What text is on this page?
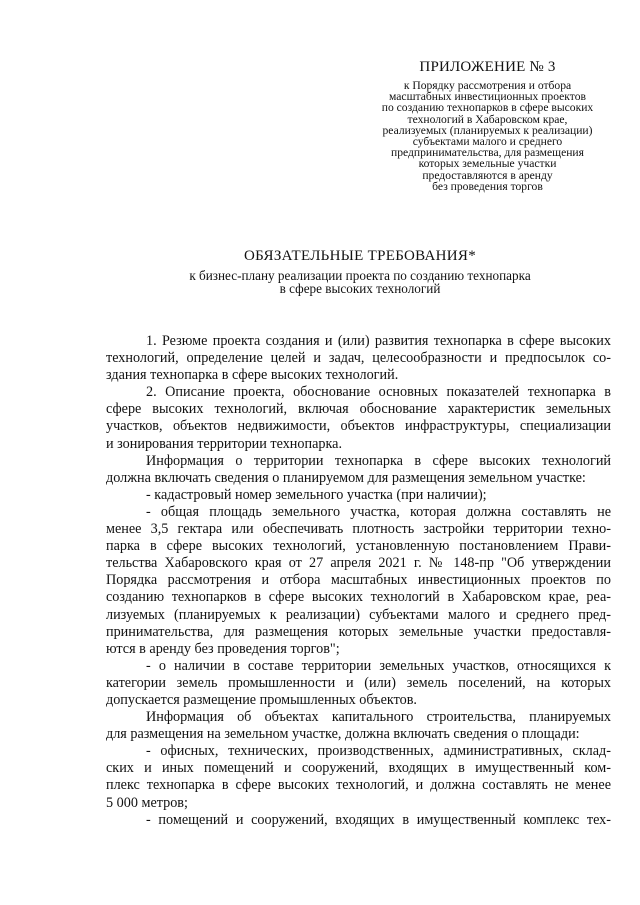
ПРИЛОЖЕНИЕ № 3
к Порядку рассмотрения и отбора
масштабных инвестиционных проектов
по созданию технопарков в сфере высоких
технологий в Хабаровском крае,
реализуемых (планируемых к реализации)
субъектами малого и среднего
предпринимательства, для размещения
которых земельные участки
предоставляются в аренду
без проведения торгов
ОБЯЗАТЕЛЬНЫЕ ТРЕБОВАНИЯ*
к бизнес-плану реализации проекта по созданию технопарка
в сфере высоких технологий
1. Резюме проекта создания и (или) развития технопарка в сфере высоких
технологий, определение целей и задач, целесообразности и предпосылок со-
здания технопарка в сфере высоких технологий.
2. Описание проекта, обоснование основных показателей технопарка в
сфере высоких технологий, включая обоснование характеристик земельных
участков, объектов недвижимости, объектов инфраструктуры, специализации
и зонирования территории технопарка.
Информация о территории технопарка в сфере высоких технологий
должна включать сведения о планируемом для размещения земельном участке:
- кадастровый номер земельного участка (при наличии);
- общая площадь земельного участка, которая должна составлять не
менее 3,5 гектара или обеспечивать плотность застройки территории техно-
парка в сфере высоких технологий, установленную постановлением Прави-
тельства Хабаровского края от 27 апреля 2021 г. № 148-пр "Об утверждении
Порядка рассмотрения и отбора масштабных инвестиционных проектов по
созданию технопарков в сфере высоких технологий в Хабаровском крае, реа-
лизуемых (планируемых к реализации) субъектами малого и среднего пред-
принимательства, для размещения которых земельные участки предоставля-
ются в аренду без проведения торгов";
- о наличии в составе территории земельных участков, относящихся к
категории земель промышленности и (или) земель поселений, на которых
допускается размещение промышленных объектов.
Информация об объектах капитального строительства, планируемых
для размещения на земельном участке, должна включать сведения о площади:
- офисных, технических, производственных, административных, склад-
ских и иных помещений и сооружений, входящих в имущественный ком-
плекс технопарка в сфере высоких технологий, и должна составлять не менее
5 000 метров;
- помещений и сооружений, входящих в имущественный комплекс тех-
